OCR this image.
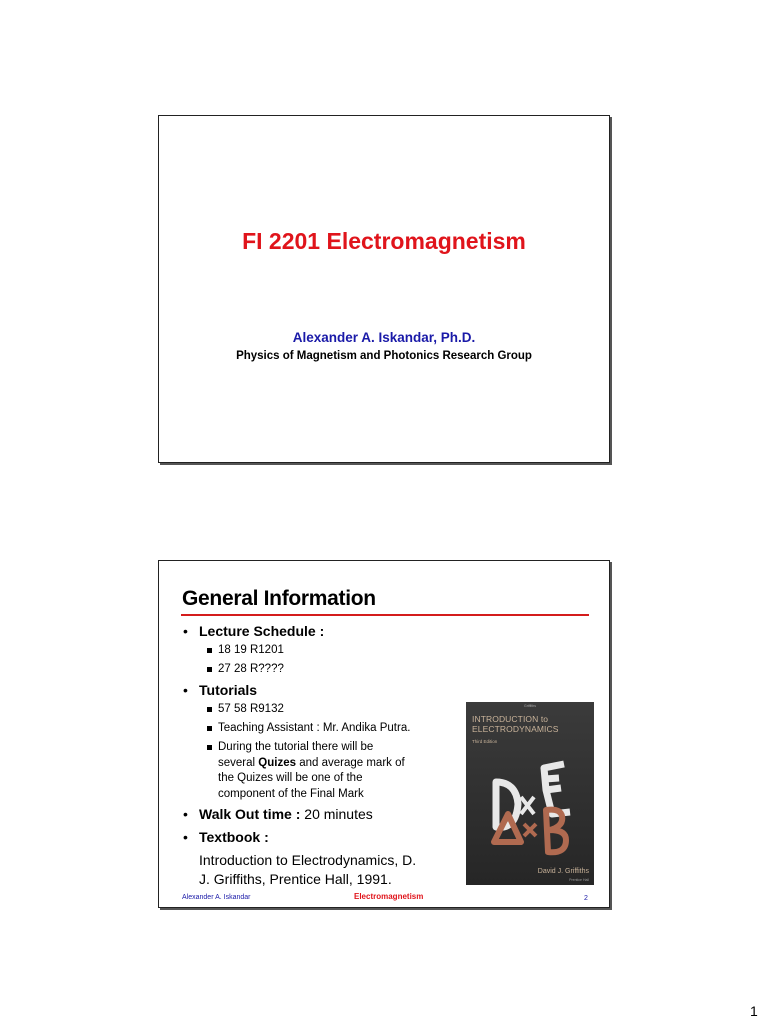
FI 2201 Electromagnetism
Alexander A. Iskandar, Ph.D.
Physics of Magnetism and Photonics Research Group
General Information
• Lecture Schedule :
18 19 R1201
27 28 R????
• Tutorials
57 58 R9132
Teaching Assistant : Mr. Andika Putra.
During the tutorial there will be several Quizes and average mark of the Quizes will be one of the component of the Final Mark
• Walk Out time : 20 minutes
• Textbook :
Introduction to Electrodynamics, D.
J. Griffiths, Prentice Hall, 1991.
Griffiths
INTRODUCTION to
ELECTRODYNAMICS
Third Edition
David J. Griffiths
Prentice Hall
Alexander A. Iskandar	Electromagnetism	2
1
